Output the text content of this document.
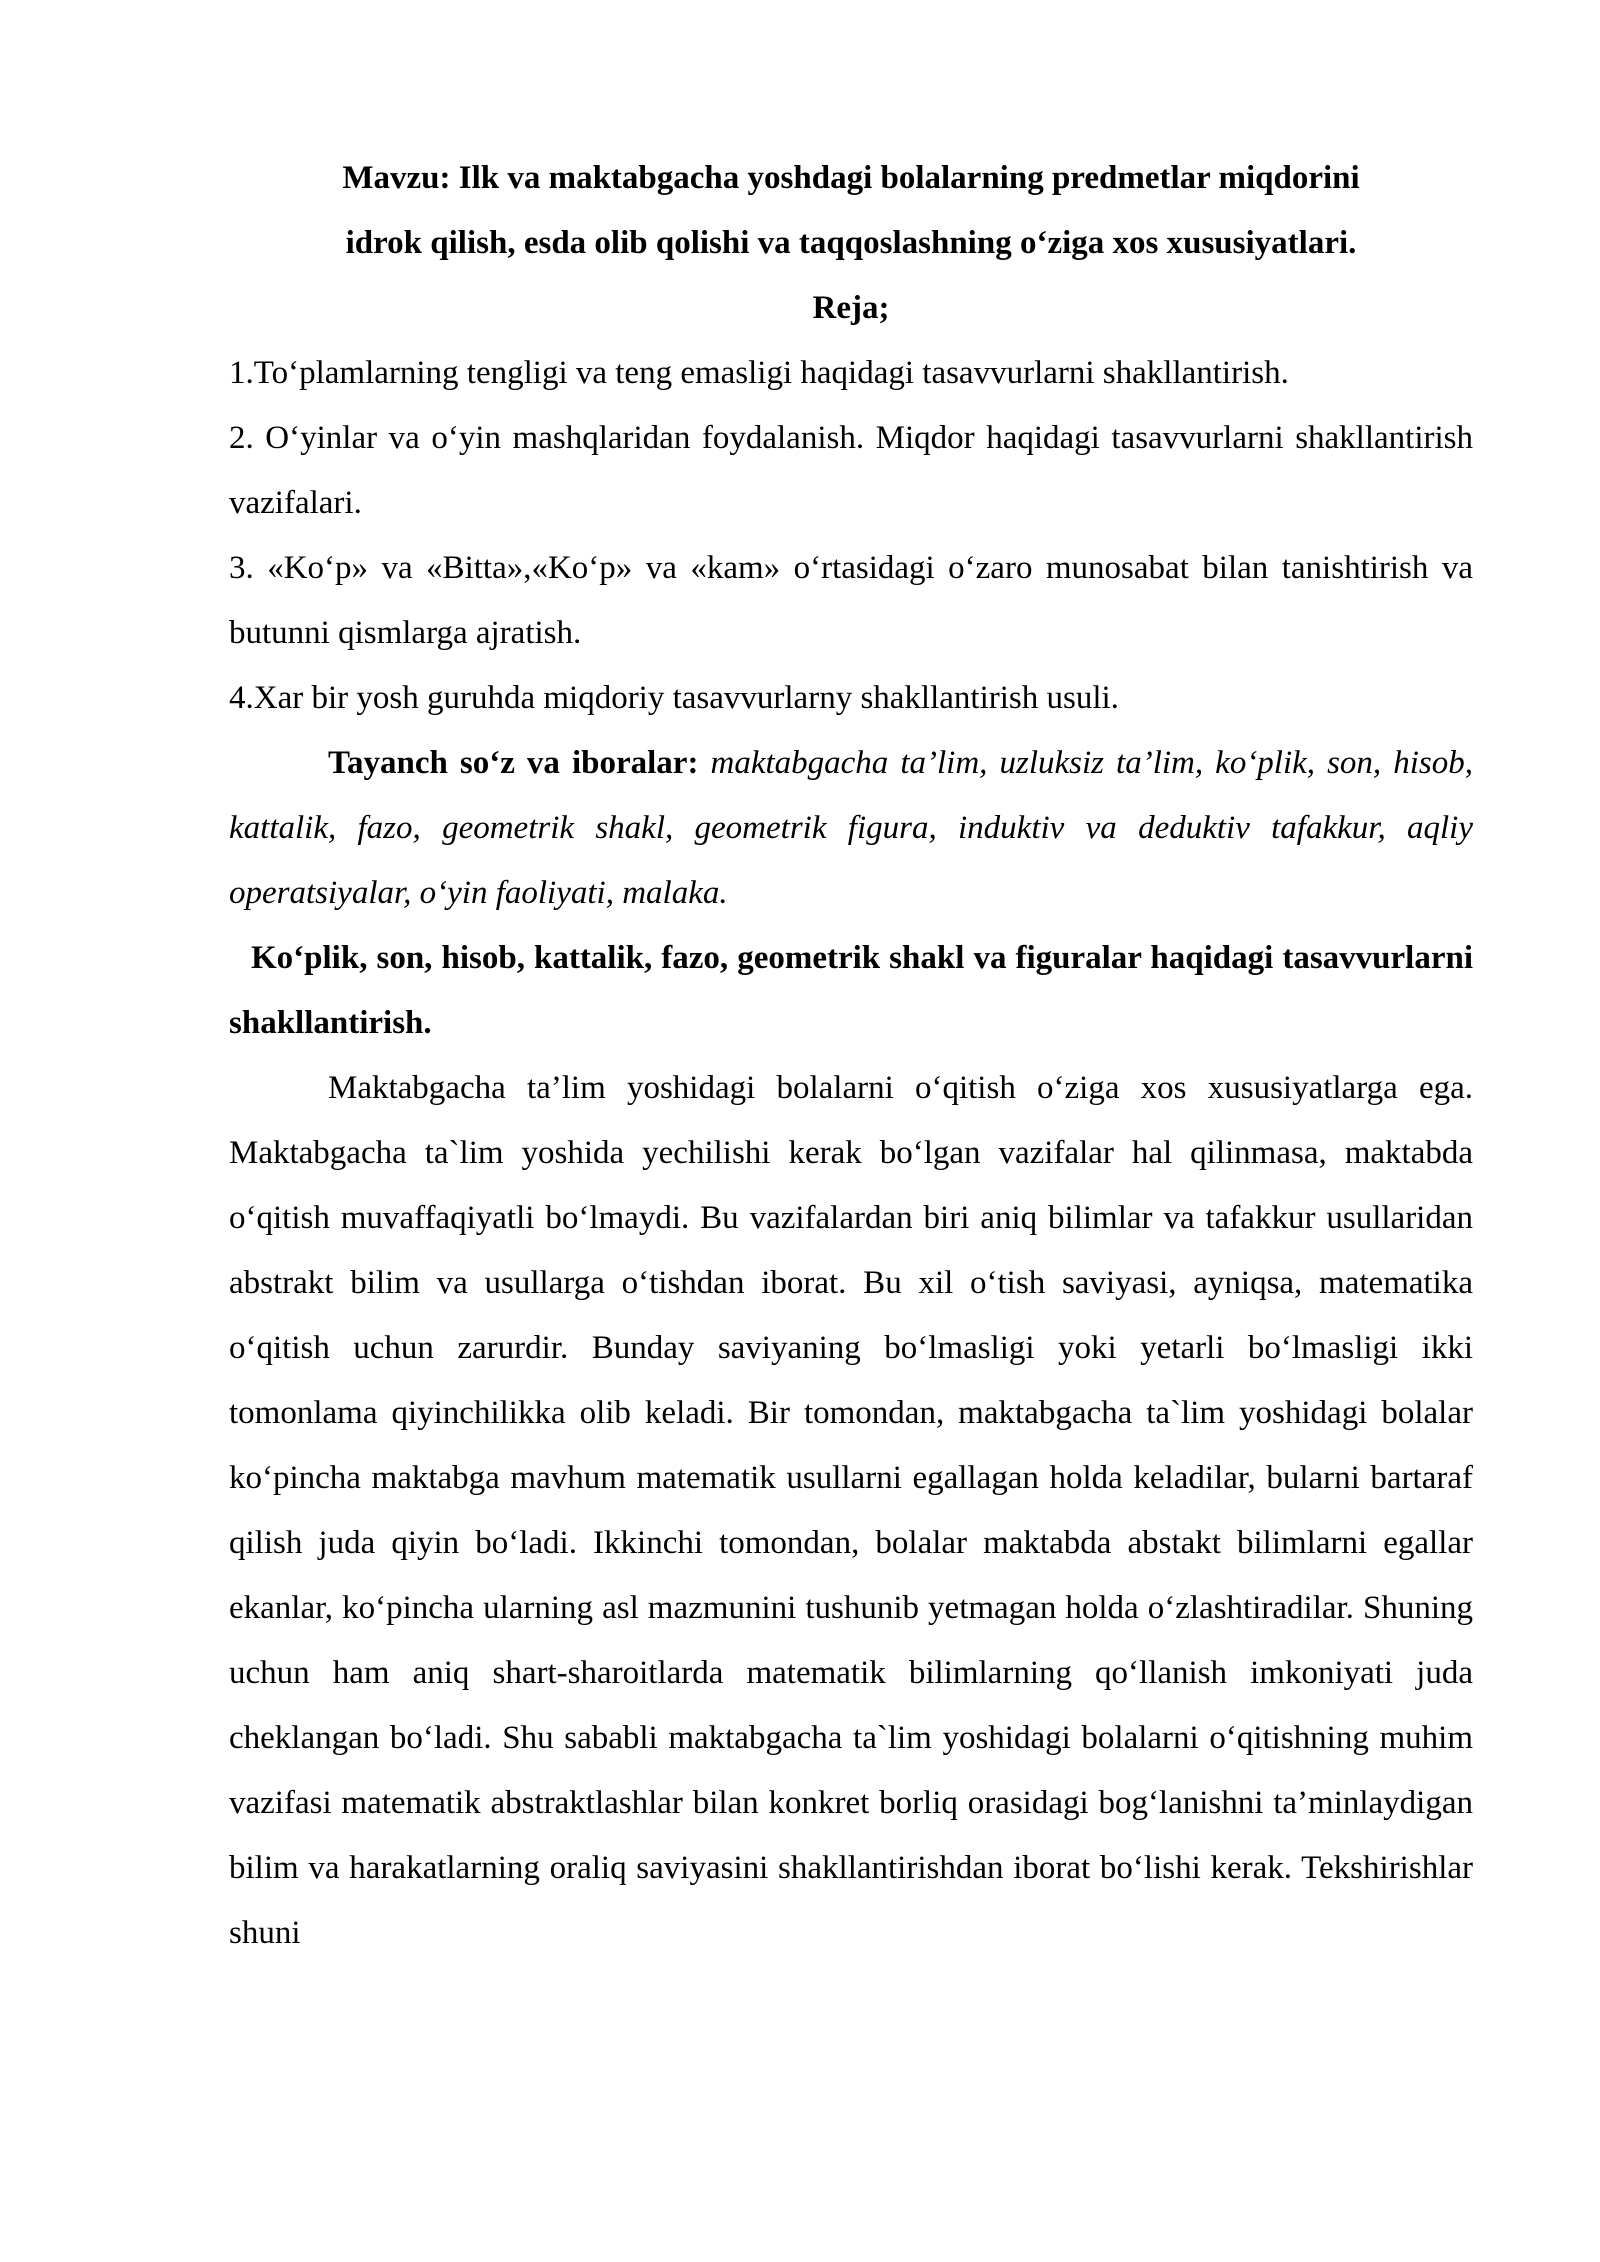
Mavzu: Ilk va maktabgacha yoshdagi bolalarning predmetlar miqdorini

idrok qilish, esda olib qolishi va taqqoslashning o‘ziga xos xususiyatlari.

Reja;

1.To‘plamlarning tengligi va teng emasligi haqidagi tasavvurlarni shakllantirish.

2. O‘yinlar va o‘yin mashqlaridan foydalanish. Miqdor haqidagi tasavvurlarni shakllantirish vazifalari.

3. «Ko‘p» va «Bitta»,«Ko‘p» va «kam» o‘rtasidagi o‘zaro munosabat bilan tanishtirish va butunni qismlarga ajratish.

4.Xar bir yosh guruhda miqdoriy tasavvurlarny shakllantirish usuli.

Tayanch so‘z va iboralar: maktabgacha ta’lim, uzluksiz ta’lim, ko‘plik, son, hisob, kattalik, fazo, geometrik shakl, geometrik figura, induktiv va deduktiv tafakkur, aqliy operatsiyalar, o‘yin faoliyati, malaka.

Ko‘plik, son, hisob, kattalik, fazo, geometrik shakl va figuralar haqidagi tasavvurlarni shakllantirish.

Maktabgacha ta’lim yoshidagi bolalarni o‘qitish o‘ziga xos xususiyatlarga ega. Maktabgacha ta`lim yoshida yechilishi kerak bo‘lgan vazifalar hal qilinmasa, maktabda o‘qitish muvaffaqiyatli bo‘lmaydi. Bu vazifalardan biri aniq bilimlar va tafakkur usullaridan abstrakt bilim va usullarga o‘tishdan iborat. Bu xil o‘tish saviyasi, ayniqsa, matematika o‘qitish uchun zarurdir. Bunday saviyaning bo‘lmasligi yoki yetarli bo‘lmasligi ikki tomonlama qiyinchilikka olib keladi. Bir tomondan, maktabgacha ta`lim yoshidagi bolalar ko‘pincha maktabga mavhum matematik usullarni egallagan holda keladilar, bularni bartaraf qilish juda qiyin bo‘ladi. Ikkinchi tomondan, bolalar maktabda abstakt bilimlarni egallar ekanlar, ko‘pincha ularning asl mazmunini tushunib yetmagan holda o‘zlashtiradilar. Shuning uchun ham aniq shart-sharoitlarda matematik bilimlarning qo‘llanish imkoniyati juda cheklangan bo‘ladi. Shu sababli maktabgacha ta`lim yoshidagi bolalarni o‘qitishning muhim vazifasi matematik abstraktlashlar bilan konkret borliq orasidagi bog‘lanishni ta’minlaydigan bilim va harakatlarning oraliq saviyasini shakllantirishdan iborat bo‘lishi kerak. Tekshirishlar shuni
